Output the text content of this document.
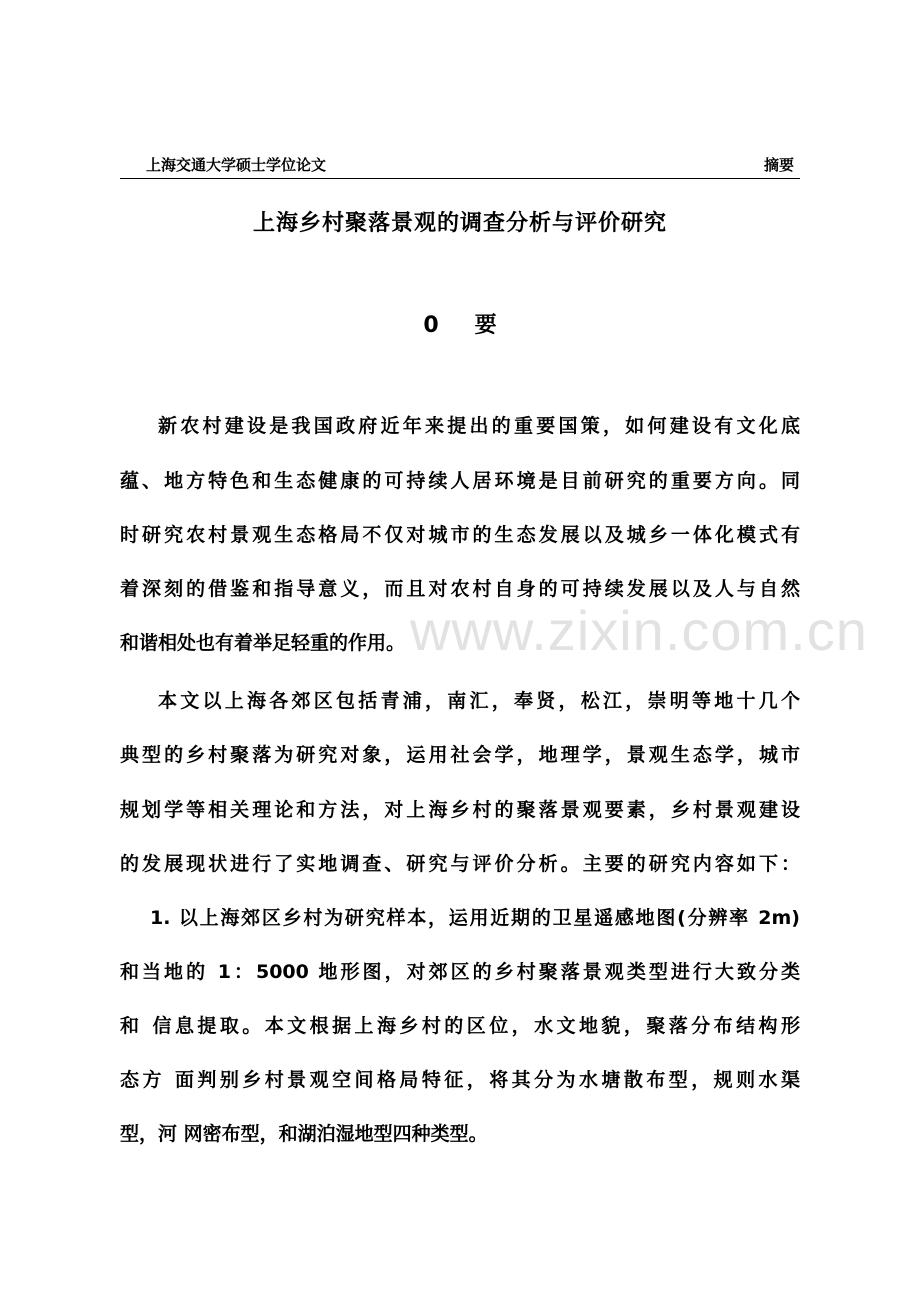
上海交通大学硕士学位论文	摘要
上海乡村聚落景观的调查分析与评价研究
0 要
www.zixin.com.cn
新农村建设是我国政府近年来提出的重要国策，如何建设有文化底
蕴、地方特色和生态健康的可持续人居环境是目前研究的重要方向。同
时研究农村景观生态格局不仅对城市的生态发展以及城乡一体化模式有
着深刻的借鉴和指导意义，而且对农村自身的可持续发展以及人与自然
和谐相处也有着举足轻重的作用。
本文以上海各郊区包括青浦，南汇，奉贤，松江，崇明等地十几个
典型的乡村聚落为研究对象，运用社会学，地理学，景观生态学，城市
规划学等相关理论和方法，对上海乡村的聚落景观要素，乡村景观建设
的发展现状进行了实地调查、研究与评价分析。主要的研究内容如下：
1. 以上海郊区乡村为研究样本，运用近期的卫星遥感地图(分辨率 2m)
和当地的 1：5000 地形图，对郊区的乡村聚落景观类型进行大致分类
和 信息提取。本文根据上海乡村的区位，水文地貌，聚落分布结构形
态方 面判别乡村景观空间格局特征，将其分为水塘散布型，规则水渠
型，河 网密布型，和湖泊湿地型四种类型。
